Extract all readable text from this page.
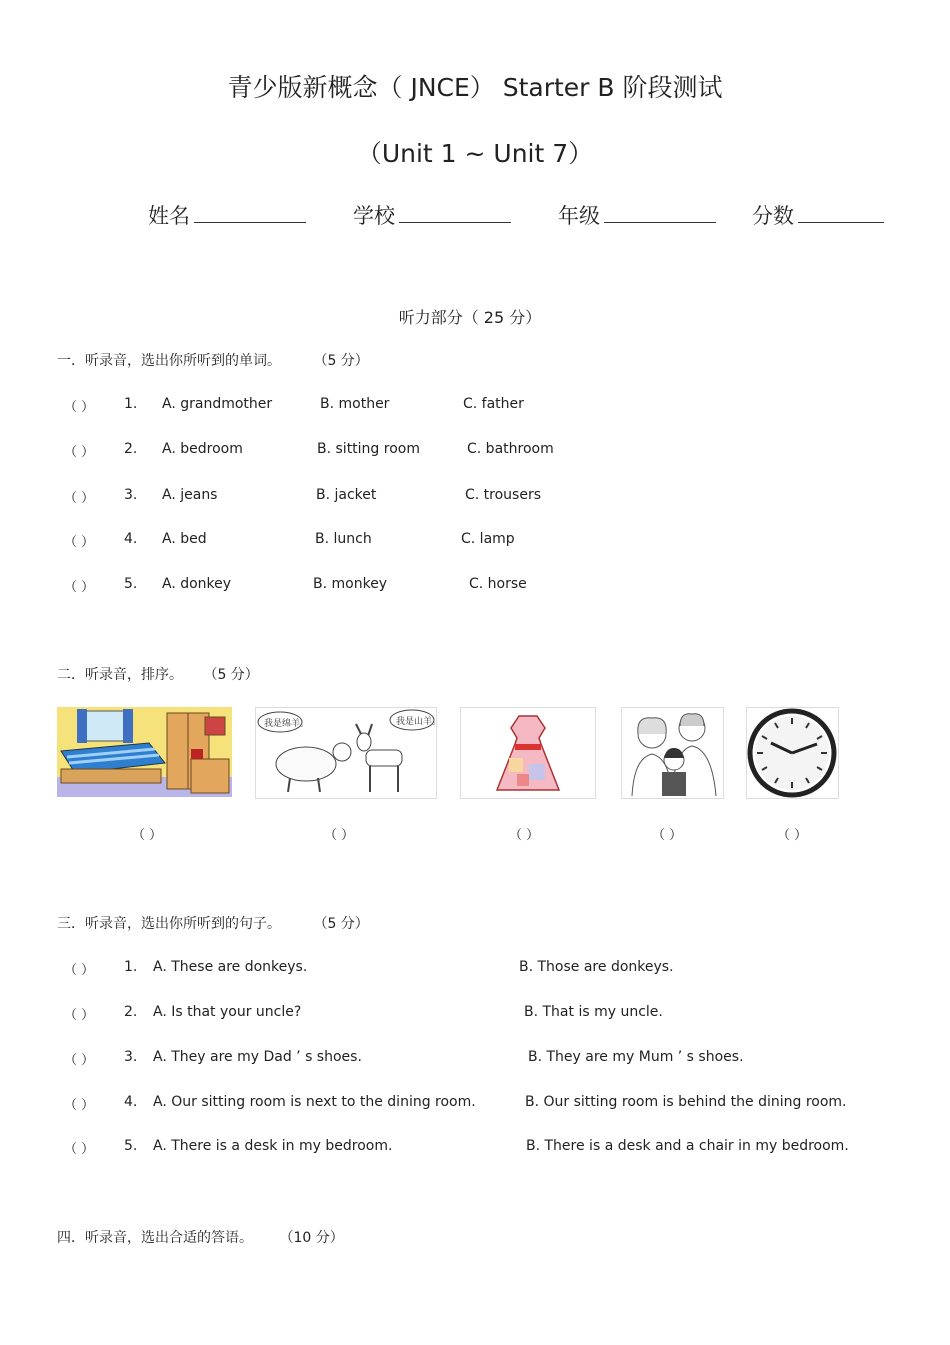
青少版新概念（ JNCE） Starter B 阶段测试
（Unit 1 ~ Unit 7）
姓名	学校	年级	分数
听力部分（ 25 分）
一．听录音，选出你所听到的单词。 （5 分）
（ ） 1. A. grandmother	B. mother	C. father
（ ） 2. A. bedroom	B. sitting room	C. bathroom
（ ） 3. A. jeans	B. jacket	C. trousers
（ ） 4. A. bed	B. lunch	C. lamp
（ ） 5. A. donkey	B. monkey	C. horse
二．听录音，排序。 （5 分）
我是绵羊。	我是山羊。
（ ）	（ ）	（ ）	（ ）	（ ）
三．听录音，选出你所听到的句子。 （5 分）
（ ） 1. A. These are donkeys.	B. Those are donkeys.
（ ） 2. A. Is that your uncle?	B. That is my uncle.
（ ） 3. A. They are my Dad ’ s shoes.	B. They are my Mum ’ s shoes.
（ ） 4. A. Our sitting room is next to the dining room.	B. Our sitting room is behind the dining room.
（ ） 5. A. There is a desk in my bedroom.	B. There is a desk and a chair in my bedroom.
四．听录音，选出合适的答语。 （10 分）
